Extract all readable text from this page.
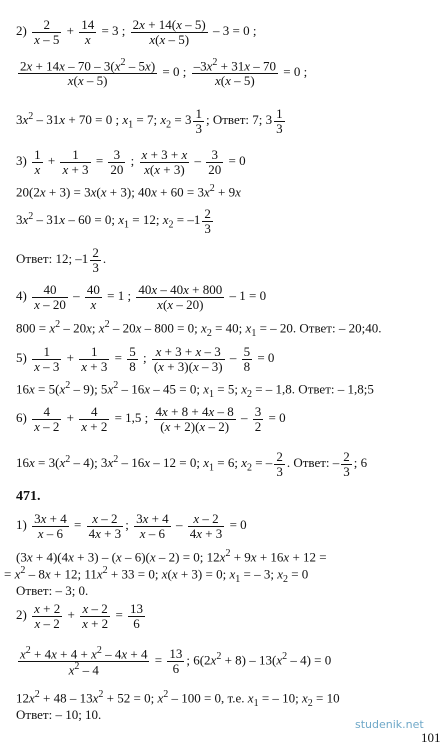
$2) \frac{2}{x - 5} + \frac{14}{x} = 3$ ; $\frac{2x + 14(x - 5)}{x(x - 5)} - 3 = 0$ ;
$\frac{2x + 14x - 70 - 3(x^2 - 5x)}{x(x - 5)} = 0$ ; $\frac{-3x^2 + 31x - 70}{x(x - 5)} = 0$ ;
$3x^2 - 31x + 70 = 0$ ; $x_1 = 7$; $x_2 = 3 \frac{1}{3}$ ; Ответ: 7; $3 \frac{1}{3}$
$3) \frac{1}{x} + \frac{1}{x + 3} = \frac{3}{20}$ ; $\frac{x + 3 + x}{x(x + 3)} - \frac{3}{20} = 0$
20(2x + 3) = 3x(x + 3); $40x + 60 = 3x^2 + 9x$
$3x^2 - 31x - 60 = 0$; $x_1 = 12$; $x_2 = -1 \frac{2}{3}$
Ответ: 12; $-1 \frac{2}{3}$ .
$4) \frac{40}{x - 20} - \frac{40}{x} = 1$ ; $\frac{40x - 40x + 800}{x(x - 20)} - 1 = 0$
$800 = x^2 - 20x$; $x^2 - 20x - 800 = 0$; $x_2 = 40$; $x_1$ = – 20. Ответ: – 20;40.
$5) \frac{1}{x - 3} + \frac{1}{x + 3} = \frac{5}{8}$ ; $\frac{x + 3 + x - 3}{(x + 3)(x - 3)} - \frac{5}{8} = 0$
$16x = 5(x^2 - 9)$; $5x^2 - 16x - 45 = 0$; $x_1 = 5$; $x_2$ = – 1,8. Ответ: – 1,8;5
$6) \frac{4}{x - 2} + \frac{4}{x + 2} = 1,5$ ; $\frac{4x + 8 + 4x - 8}{(x + 2)(x - 2)} - \frac{3}{2} = 0$
$16x = 3(x^2 - 4)$; $3x^2 - 16x - 12 = 0$; $x_1 = 6$; $x_2$ = – $\frac{2}{3}$ . Ответ: – $\frac{2}{3}$ ; 6
471.
$1) \frac{3x + 4}{x - 6} = \frac{x - 2}{4x + 3}$ ; $\frac{3x + 4}{x - 6} - \frac{x - 2}{4x + 3} = 0$
(3x + 4)(4x + 3) – (x – 6)(x – 2) = 0; $12x^2 + 9x + 16x + 12$ =
= $x^2 - 8x + 12$; $11x^2 + 33 = 0$; x(x + 3) = 0; $x_1$ = – 3; $x_2 = 0$
Ответ: – 3; 0.
$2) \frac{x + 2}{x - 2} + \frac{x - 2}{x + 2} = \frac{13}{6}$
$\frac{x^2 + 4x + 4 + x^2 - 4x + 4}{x^2 - 4} = \frac{13}{6}$ ; $6(2x^2 + 8) - 13(x^2 - 4) = 0$
$12x^2 + 48 - 13x^2 + 52 = 0$; $x^2 - 100 = 0$, т.е. $x_1$ = – 10; $x_2 = 10$
Ответ: – 10; 10.
studenik.net
101
